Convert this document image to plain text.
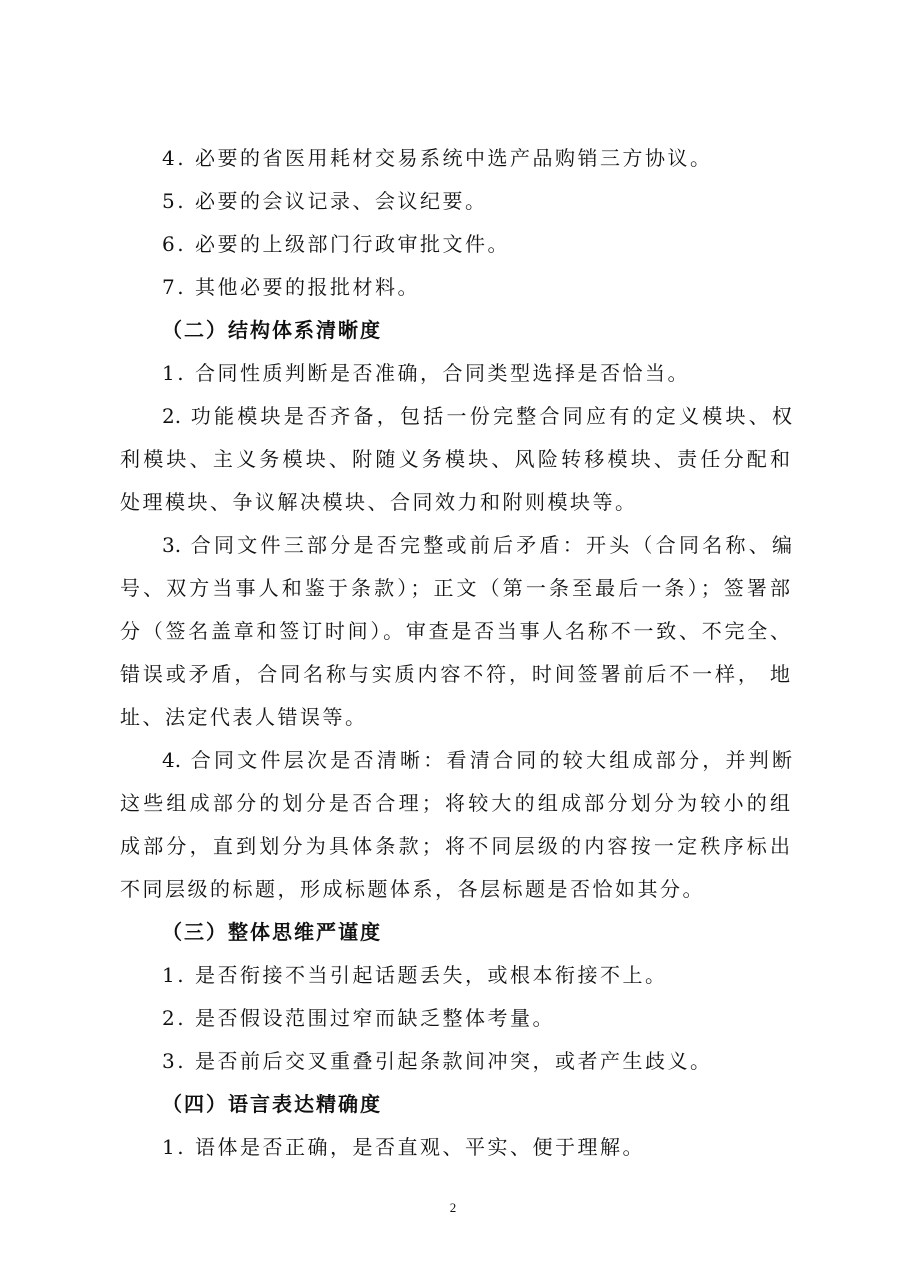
4. 必要的省医用耗材交易系统中选产品购销三方协议。
5. 必要的会议记录、会议纪要。
6. 必要的上级部门行政审批文件。
7. 其他必要的报批材料。
（二）结构体系清晰度
1. 合同性质判断是否准确，合同类型选择是否恰当。
2. 功能模块是否齐备，包括一份完整合同应有的定义模块、权
利模块、主义务模块、附随义务模块、风险转移模块、责任分配和
处理模块、争议解决模块、合同效力和附则模块等。
3. 合同文件三部分是否完整或前后矛盾：开头（合同名称、编
号、双方当事人和鉴于条款）；正文（第一条至最后一条）；签署部
分（签名盖章和签订时间）。审查是否当事人名称不一致、不完全、
错误或矛盾，合同名称与实质内容不符，时间签署前后不一样， 地
址、法定代表人错误等。
4. 合同文件层次是否清晰：看清合同的较大组成部分，并判断
这些组成部分的划分是否合理；将较大的组成部分划分为较小的组
成部分，直到划分为具体条款；将不同层级的内容按一定秩序标出
不同层级的标题，形成标题体系，各层标题是否恰如其分。
（三）整体思维严谨度
1. 是否衔接不当引起话题丢失，或根本衔接不上。
2. 是否假设范围过窄而缺乏整体考量。
3. 是否前后交叉重叠引起条款间冲突，或者产生歧义。
（四）语言表达精确度
1. 语体是否正确，是否直观、平实、便于理解。
2
